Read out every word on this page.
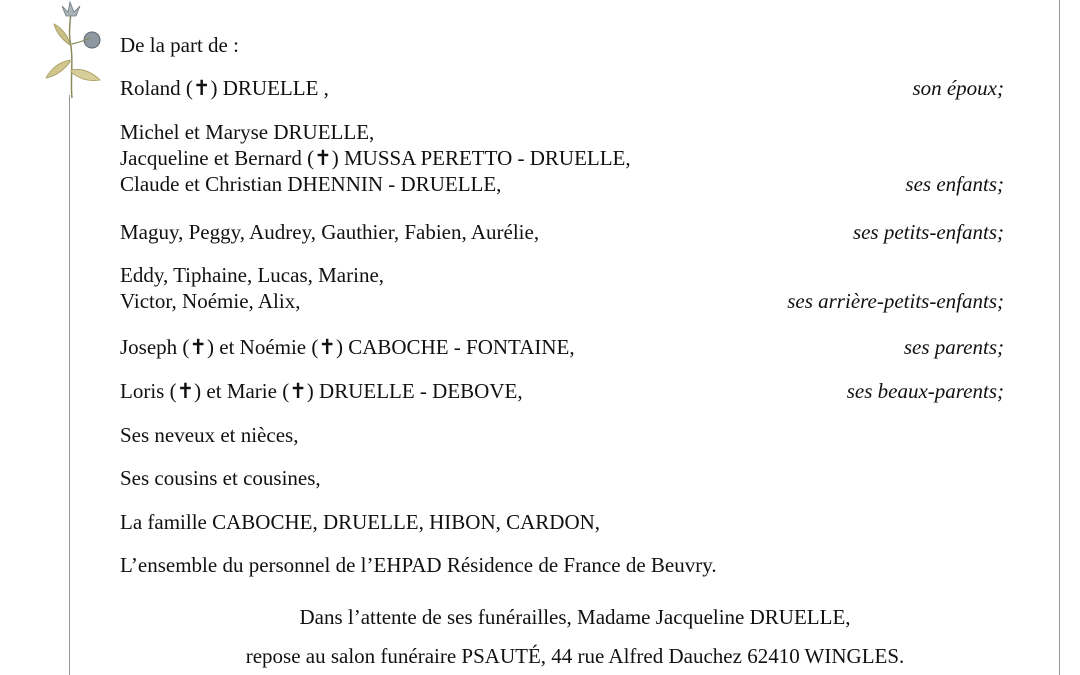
De la part de :
Roland (✝) DRUELLE ,	son époux;
Michel et Maryse DRUELLE,
Jacqueline et Bernard (✝) MUSSA PERETTO - DRUELLE,
Claude et Christian DHENNIN - DRUELLE,	ses enfants;
Maguy, Peggy, Audrey, Gauthier, Fabien, Aurélie,	ses petits-enfants;
Eddy, Tiphaine, Lucas, Marine,
Victor, Noémie, Alix,	ses arrière-petits-enfants;
Joseph (✝) et Noémie (✝) CABOCHE - FONTAINE,	ses parents;
Loris (✝) et Marie (✝) DRUELLE - DEBOVE,	ses beaux-parents;
Ses neveux et nièces,
Ses cousins et cousines,
La famille CABOCHE, DRUELLE, HIBON, CARDON,
L’ensemble du personnel de l’EHPAD Résidence de France de Beuvry.
Dans l’attente de ses funérailles, Madame Jacqueline DRUELLE,
repose au salon funéraire PSAUTÉ, 44 rue Alfred Dauchez 62410 WINGLES.
